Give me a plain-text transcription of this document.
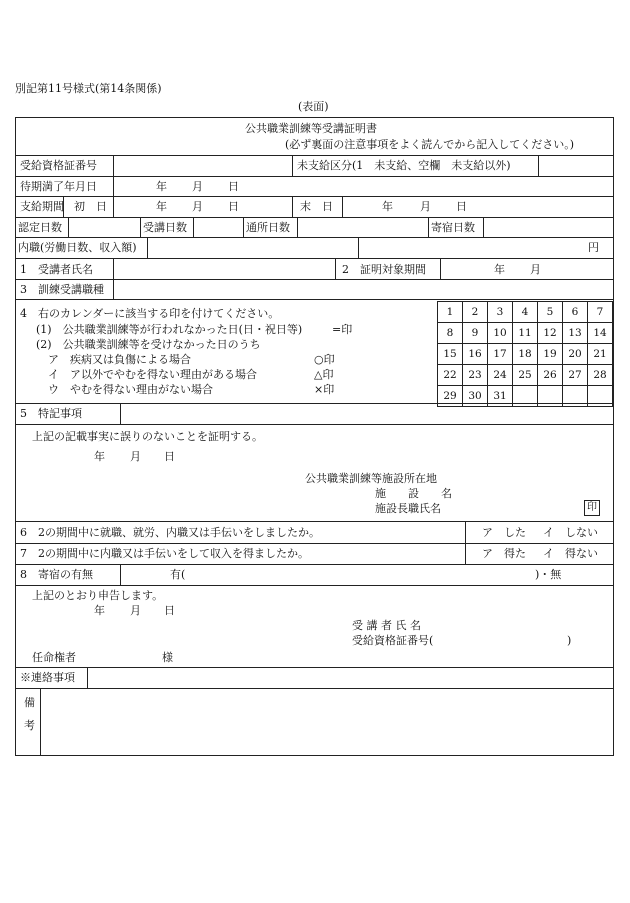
別記第11号様式(第14条関係)
(表面)
公共職業訓練等受講証明書
(必ず裏面の注意事項をよく読んでから記入してください。)
受給資格証番号	未支給区分(1　未支給、空欄　未支給以外)
待期満了年月日	年 月 日
支給期間 初　日	年 月 日	末　日	年 月 日
認定日数	受講日数	通所日数	寄宿日数
内職(労働日数、収入額)	円
1　受講者氏名	2　証明対象期間	年 月
3　訓練受講職種
4　右のカレンダーに該当する印を付けてください。
(1)　公共職業訓練等が行われなかった日(日・祝日等)	=印
(2)　公共職業訓練等を受けなかった日のうち
ア　疾病又は負傷による場合	○印
イ　ア以外でやむを得ない理由がある場合	△印
ウ　やむを得ない理由がない場合	×印
1	2	3	4	5	6	7
8	9	10	11	12	13	14
15	16	17	18	19	20	21
22	23	24	25	26	27	28
29	30	31				
5　特記事項
上記の記載事実に誤りのないことを証明する。
年 月 日
公共職業訓練等施設所在地
施　　設　　名
施設長職氏名	印
6　2の期間中に就職、就労、内職又は手伝いをしましたか。	ア　した イ　しない
7　2の期間中に内職又は手伝いをして収入を得ましたか。	ア　得た イ　得ない
8　寄宿の有無	有(	)・無
上記のとおり申告します。
年 月 日
受 講 者 氏 名
受給資格証番号(	)
任命権者	様
※連絡事項
備
考
